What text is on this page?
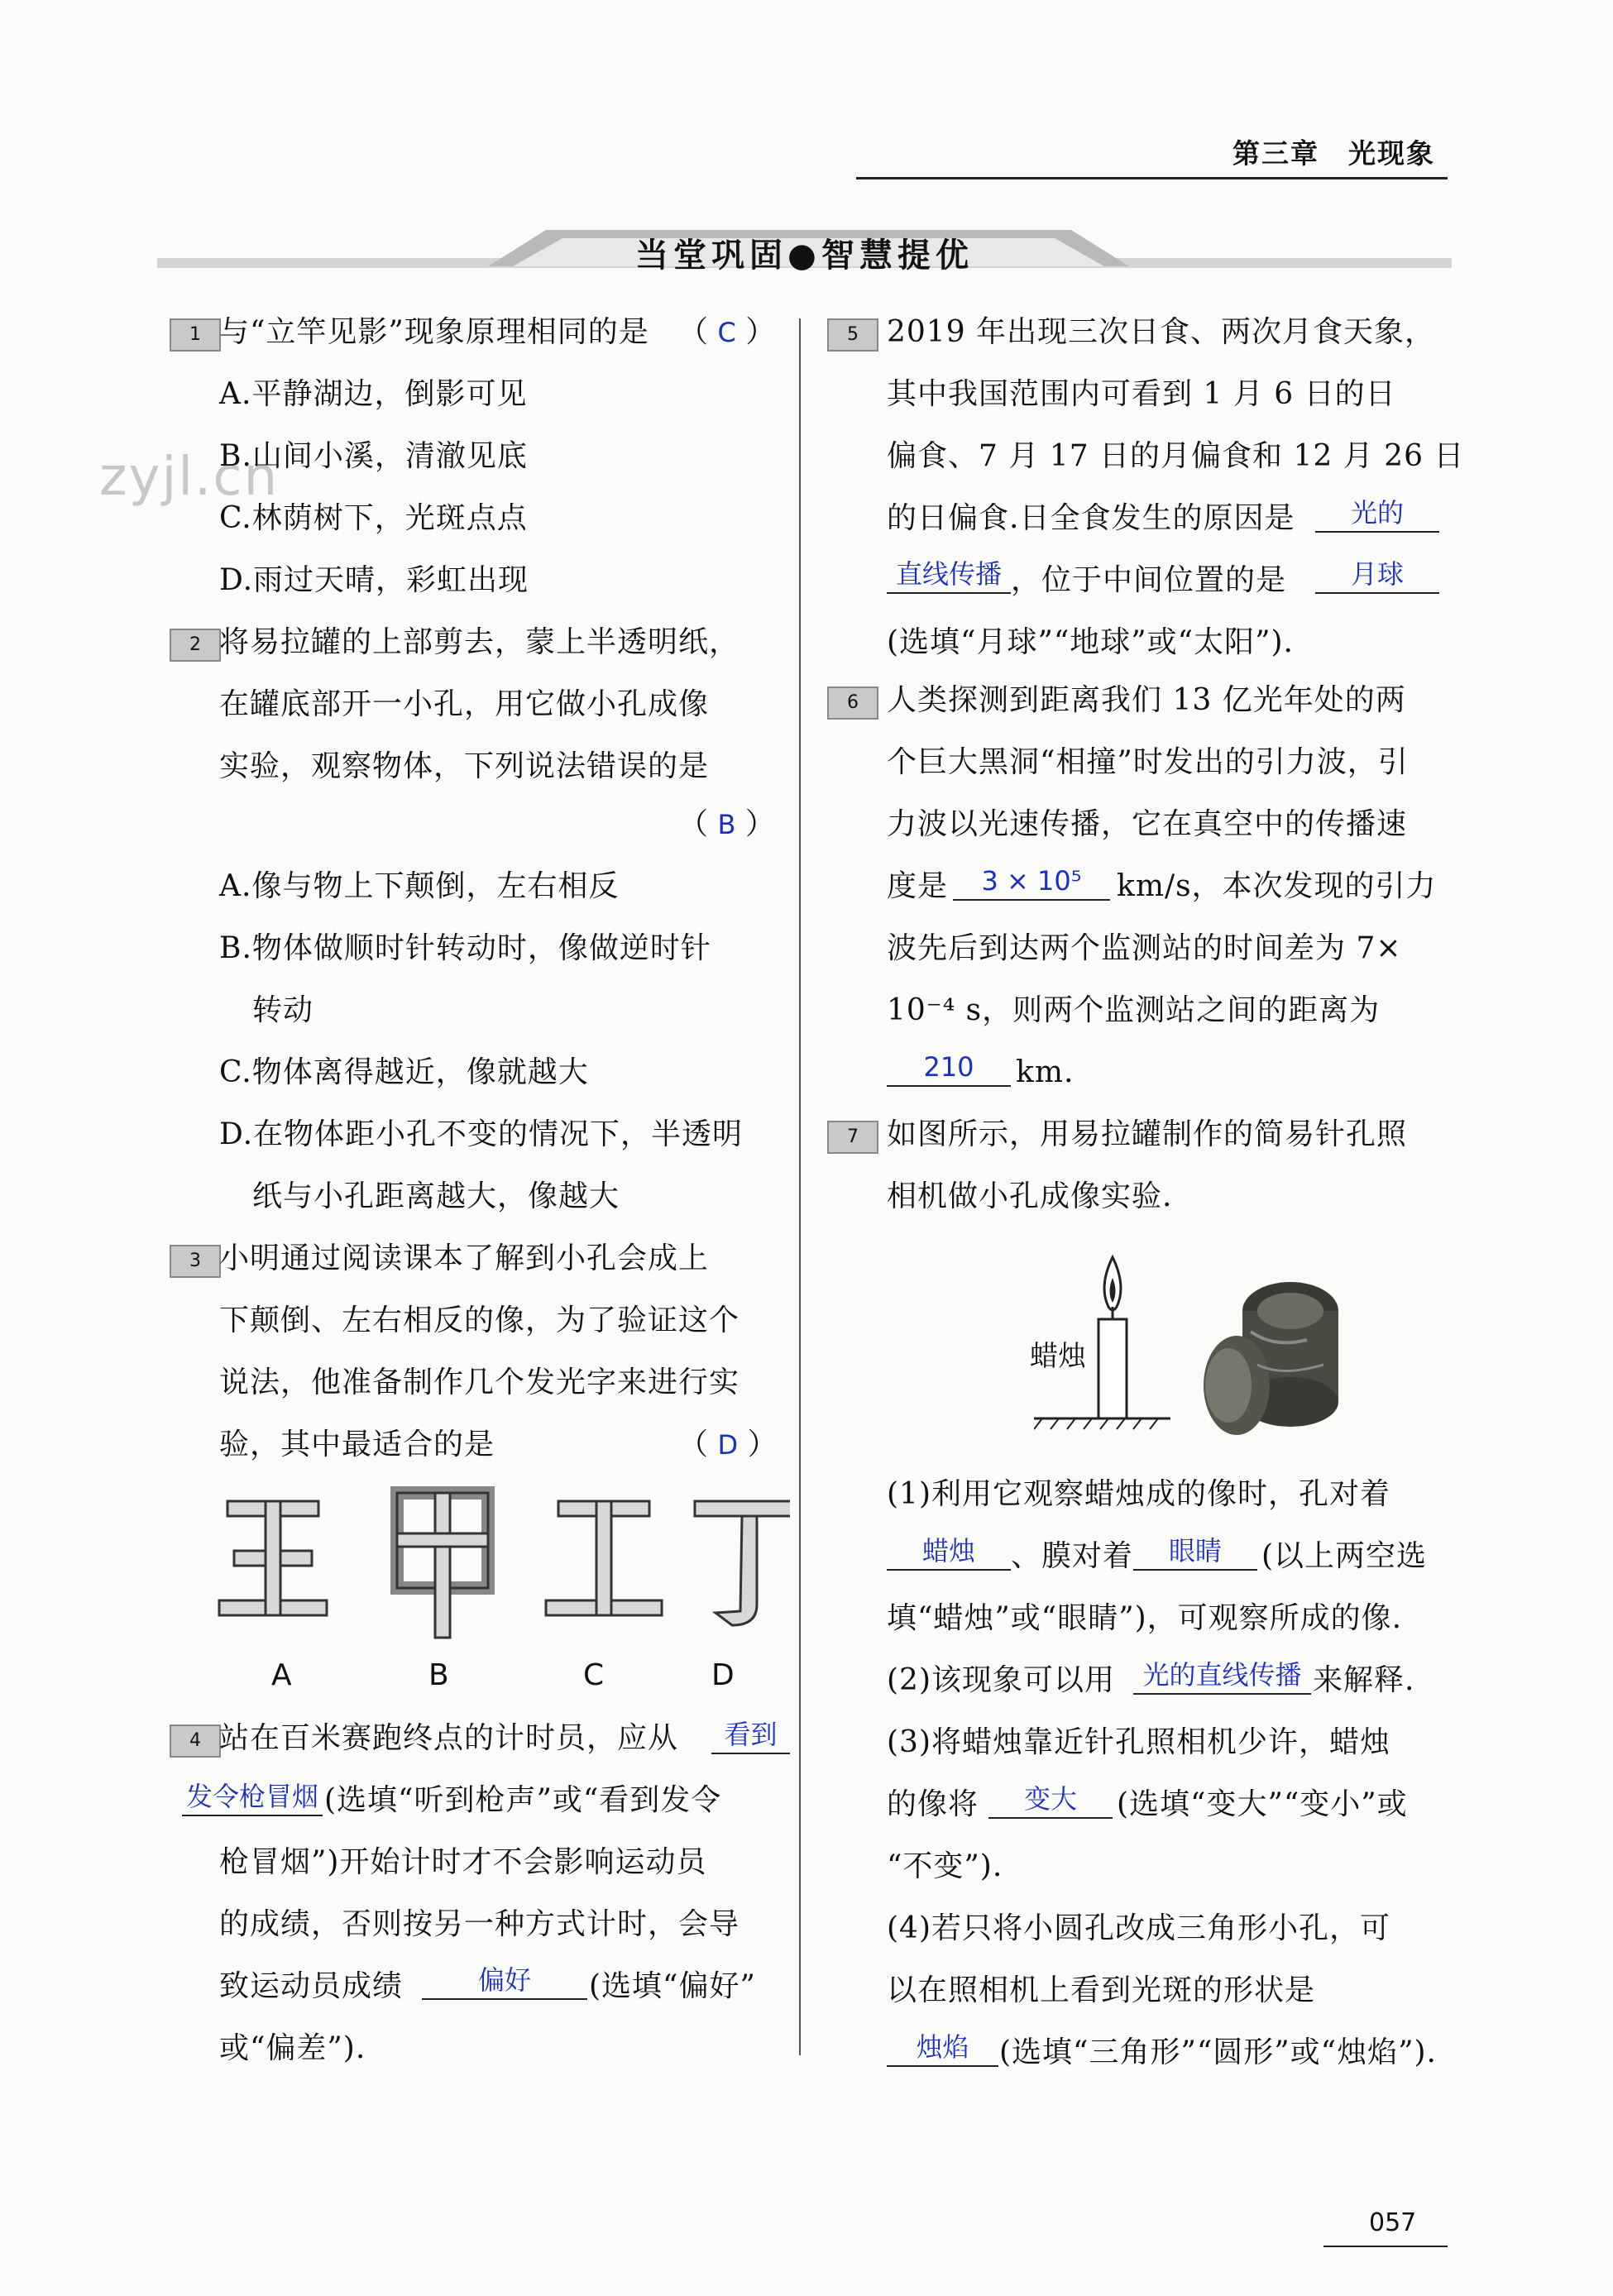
第三章　光现象
当堂巩固●智慧提优
zyjl.cn
1 与“立竿见影”现象原理相同的是 （ C ）
A.平静湖边，倒影可见
B.山间小溪，清澈见底
C.林荫树下，光斑点点
D.雨过天晴，彩虹出现
2 将易拉罐的上部剪去，蒙上半透明纸，
在罐底部开一小孔，用它做小孔成像
实验，观察物体，下列说法错误的是
（ B ）
A.像与物上下颠倒，左右相反
B.物体做顺时针转动时，像做逆时针
转动
C.物体离得越近，像就越大
D.在物体距小孔不变的情况下，半透明
纸与小孔距离越大，像越大
3 小明通过阅读课本了解到小孔会成上
下颠倒、左右相反的像，为了验证这个
说法，他准备制作几个发光字来进行实
验，其中最适合的是	（ D ）
A	B	C	D
4 站在百米赛跑终点的计时员，应从	看到
发令枪冒烟 (选填“听到枪声”或“看到发令
枪冒烟”)开始计时才不会影响运动员
的成绩，否则按另一种方式计时，会导
致运动员成绩	偏好	(选填“偏好”
或“偏差”).
5 2019 年出现三次日食、两次月食天象，
其中我国范围内可看到 1 月 6 日的日
偏食、7 月 17 日的月偏食和 12 月 26 日
的日偏食.日全食发生的原因是	光的
直线传播 ，位于中间位置的是	月球
(选填“月球”“地球”或“太阳”).
6 人类探测到距离我们 13 亿光年处的两
个巨大黑洞“相撞”时发出的引力波，引
力波以光速传播，它在真空中的传播速
度是	3 × 10⁵	km/s，本次发现的引力
波先后到达两个监测站的时间差为 7×
10⁻⁴ s，则两个监测站之间的距离为
210	km.
7 如图所示，用易拉罐制作的简易针孔照
相机做小孔成像实验.
蜡烛
(1)利用它观察蜡烛成的像时，孔对着
蜡烛	、膜对着	眼睛	(以上两空选
填“蜡烛”或“眼睛”)，可观察所成的像.
(2)该现象可以用	光的直线传播 来解释.
(3)将蜡烛靠近针孔照相机少许，蜡烛
的像将	变大	(选填“变大”“变小”或
“不变”).
(4)若只将小圆孔改成三角形小孔，可
以在照相机上看到光斑的形状是
烛焰	(选填“三角形”“圆形”或“烛焰”).
057
